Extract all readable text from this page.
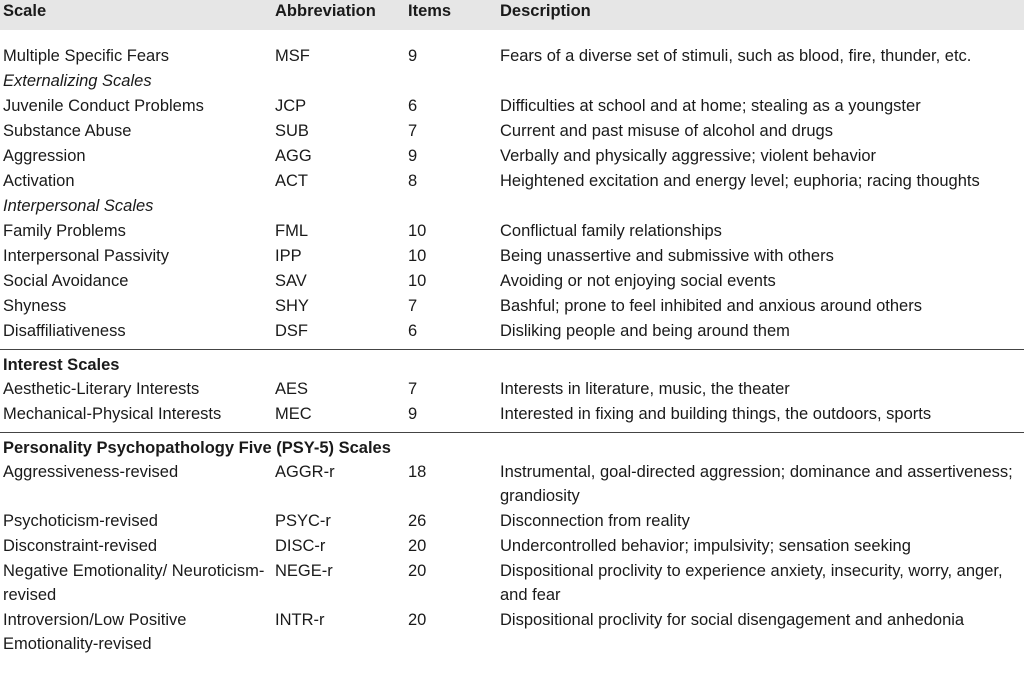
Scale	Abbreviation	Items	Description

Multiple Specific Fears	MSF	9	Fears of a diverse set of stimuli, such as blood, fire, thunder, etc.
Externalizing Scales			
Juvenile Conduct Problems	JCP	6	Difficulties at school and at home; stealing as a youngster
Substance Abuse	SUB	7	Current and past misuse of alcohol and drugs
Aggression	AGG	9	Verbally and physically aggressive; violent behavior
Activation	ACT	8	Heightened excitation and energy level; euphoria; racing thoughts
Interpersonal Scales			
Family Problems	FML	10	Conflictual family relationships
Interpersonal Passivity	IPP	10	Being unassertive and submissive with others
Social Avoidance	SAV	10	Avoiding or not enjoying social events
Shyness	SHY	7	Bashful; prone to feel inhibited and anxious around others
Disaffiliativeness	DSF	6	Disliking people and being around them
Interest Scales			
Aesthetic-Literary Interests	AES	7	Interests in literature, music, the theater
Mechanical-Physical Interests	MEC	9	Interested in fixing and building things, the outdoors, sports
Personality Psychopathology Five (PSY-5) Scales			
Aggressiveness-revised	AGGR-r	18	Instrumental, goal-directed aggression; dominance and assertiveness; grandiosity
Psychoticism-revised	PSYC-r	26	Disconnection from reality
Disconstraint-revised	DISC-r	20	Undercontrolled behavior; impulsivity; sensation seeking
Negative Emotionality/ Neuroticism-revised	NEGE-r	20	Dispositional proclivity to experience anxiety, insecurity, worry, anger, and fear
Introversion/Low Positive Emotionality-revised	INTR-r	20	Dispositional proclivity for social disengagement and anhedonia
